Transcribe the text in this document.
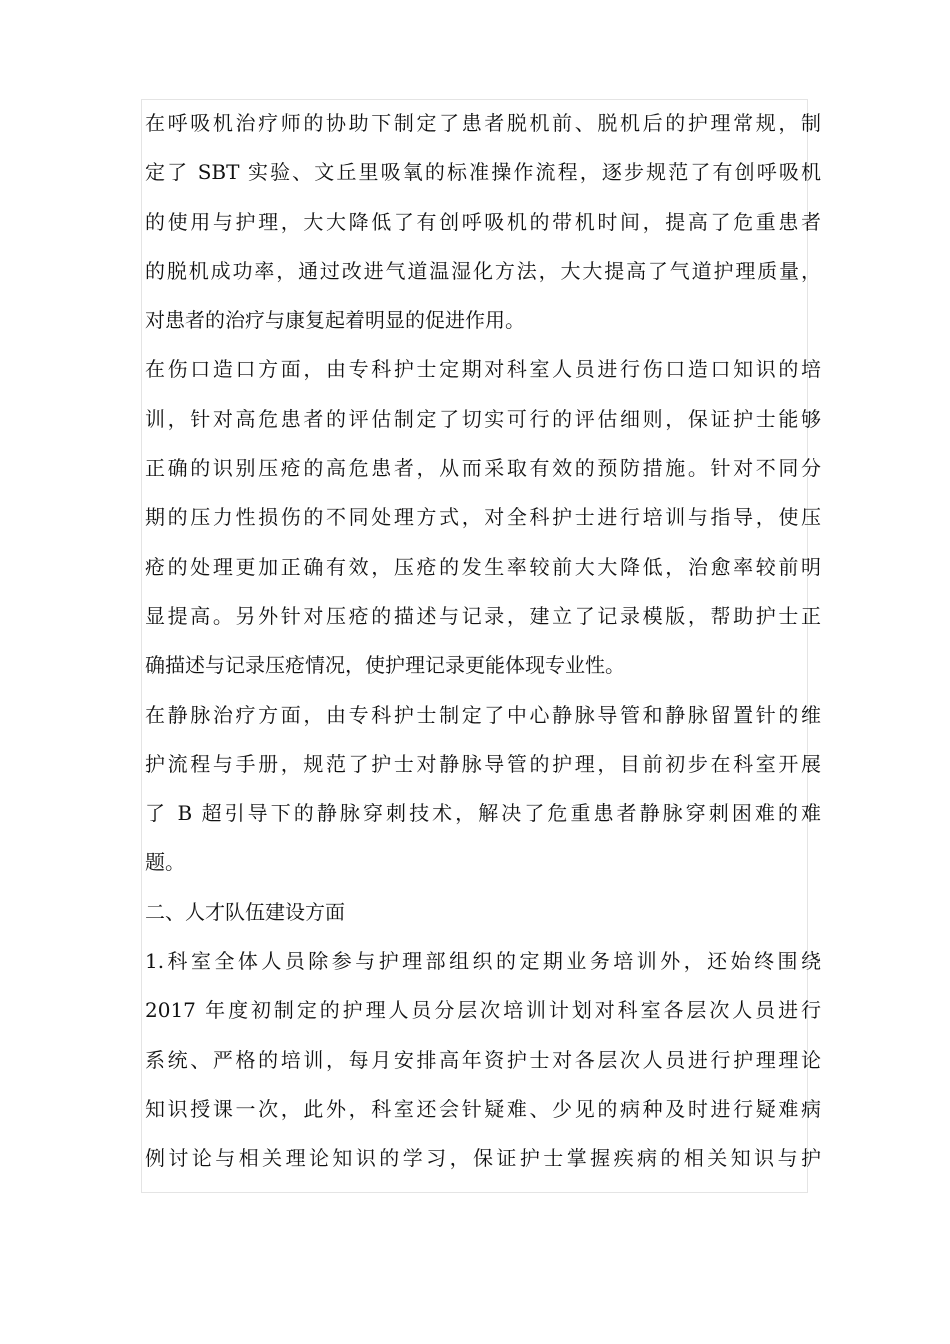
在呼吸机治疗师的协助下制定了患者脱机前、脱机后的护理常规，制
定了 SBT 实验、文丘里吸氧的标准操作流程，逐步规范了有创呼吸机
的使用与护理，大大降低了有创呼吸机的带机时间，提高了危重患者
的脱机成功率，通过改进气道温湿化方法，大大提高了气道护理质量，
对患者的治疗与康复起着明显的促进作用。
在伤口造口方面，由专科护士定期对科室人员进行伤口造口知识的培
训，针对高危患者的评估制定了切实可行的评估细则，保证护士能够
正确的识别压疮的高危患者，从而采取有效的预防措施。针对不同分
期的压力性损伤的不同处理方式，对全科护士进行培训与指导，使压
疮的处理更加正确有效，压疮的发生率较前大大降低，治愈率较前明
显提高。另外针对压疮的描述与记录，建立了记录模版，帮助护士正
确描述与记录压疮情况，使护理记录更能体现专业性。
在静脉治疗方面，由专科护士制定了中心静脉导管和静脉留置针的维
护流程与手册，规范了护士对静脉导管的护理，目前初步在科室开展
了 B 超引导下的静脉穿刺技术，解决了危重患者静脉穿刺困难的难
题。
二、人才队伍建设方面
1.科室全体人员除参与护理部组织的定期业务培训外，还始终围绕
2017 年度初制定的护理人员分层次培训计划对科室各层次人员进行
系统、严格的培训，每月安排高年资护士对各层次人员进行护理理论
知识授课一次，此外，科室还会针疑难、少见的病种及时进行疑难病
例讨论与相关理论知识的学习，保证护士掌握疾病的相关知识与护
